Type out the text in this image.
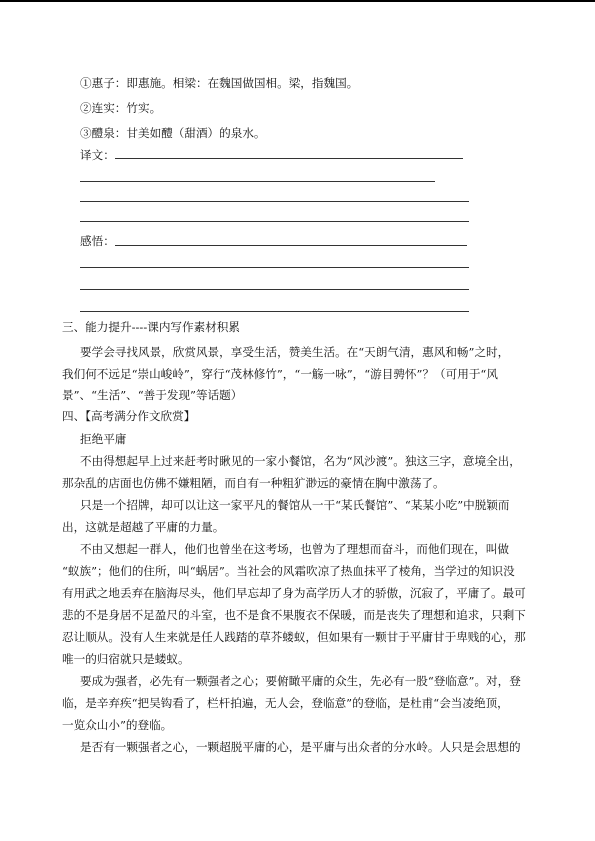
①惠子：即惠施。相梁：在魏国做国相。梁，指魏国。
②连实：竹实。
③醴泉：甘美如醴（甜酒）的泉水。
译文：
感悟：
三、能力提升----课内写作素材积累
要学会寻找风景，欣赏风景，享受生活，赞美生活。在“天朗气清，惠风和畅”之时，
我们何不远足“崇山峻岭”，穿行“茂林修竹”，“一觞一咏”，“游目骋怀”？（可用于“风
景”、“生活”、“善于发现”等话题）
四、【高考满分作文欣赏】
拒绝平庸
不由得想起早上过来赶考时瞅见的一家小餐馆，名为“风沙渡”。独这三字，意境全出，
那杂乱的店面也仿佛不嫌粗陋，而自有一种粗犷渺远的豪情在胸中激荡了。
只是一个招牌，却可以让这一家平凡的餐馆从一干“某氏餐馆”、“某某小吃”中脱颖而
出，这就是超越了平庸的力量。
不由又想起一群人，他们也曾坐在这考场，也曾为了理想而奋斗，而他们现在，叫做
“蚁族”；他们的住所，叫“蜗居”。当社会的风霜吹凉了热血抹平了棱角，当学过的知识没
有用武之地丢弃在脑海尽头，他们早忘却了身为高学历人才的骄傲，沉寂了，平庸了。最可
悲的不是身居不足盈尺的斗室，也不是食不果腹衣不保暖，而是丧失了理想和追求，只剩下
忍让顺从。没有人生来就是任人践踏的草芥蝼蚁，但如果有一颗甘于平庸甘于卑贱的心，那
唯一的归宿就只是蝼蚁。
要成为强者，必先有一颗强者之心；要俯瞰平庸的众生，先必有一股“登临意”。对，登
临，是辛弃疾“把吴钩看了，栏杆拍遍，无人会，登临意”的登临，是杜甫“会当凌绝顶，
一览众山小”的登临。
是否有一颗强者之心，一颗超脱平庸的心，是平庸与出众者的分水岭。人只是会思想的
